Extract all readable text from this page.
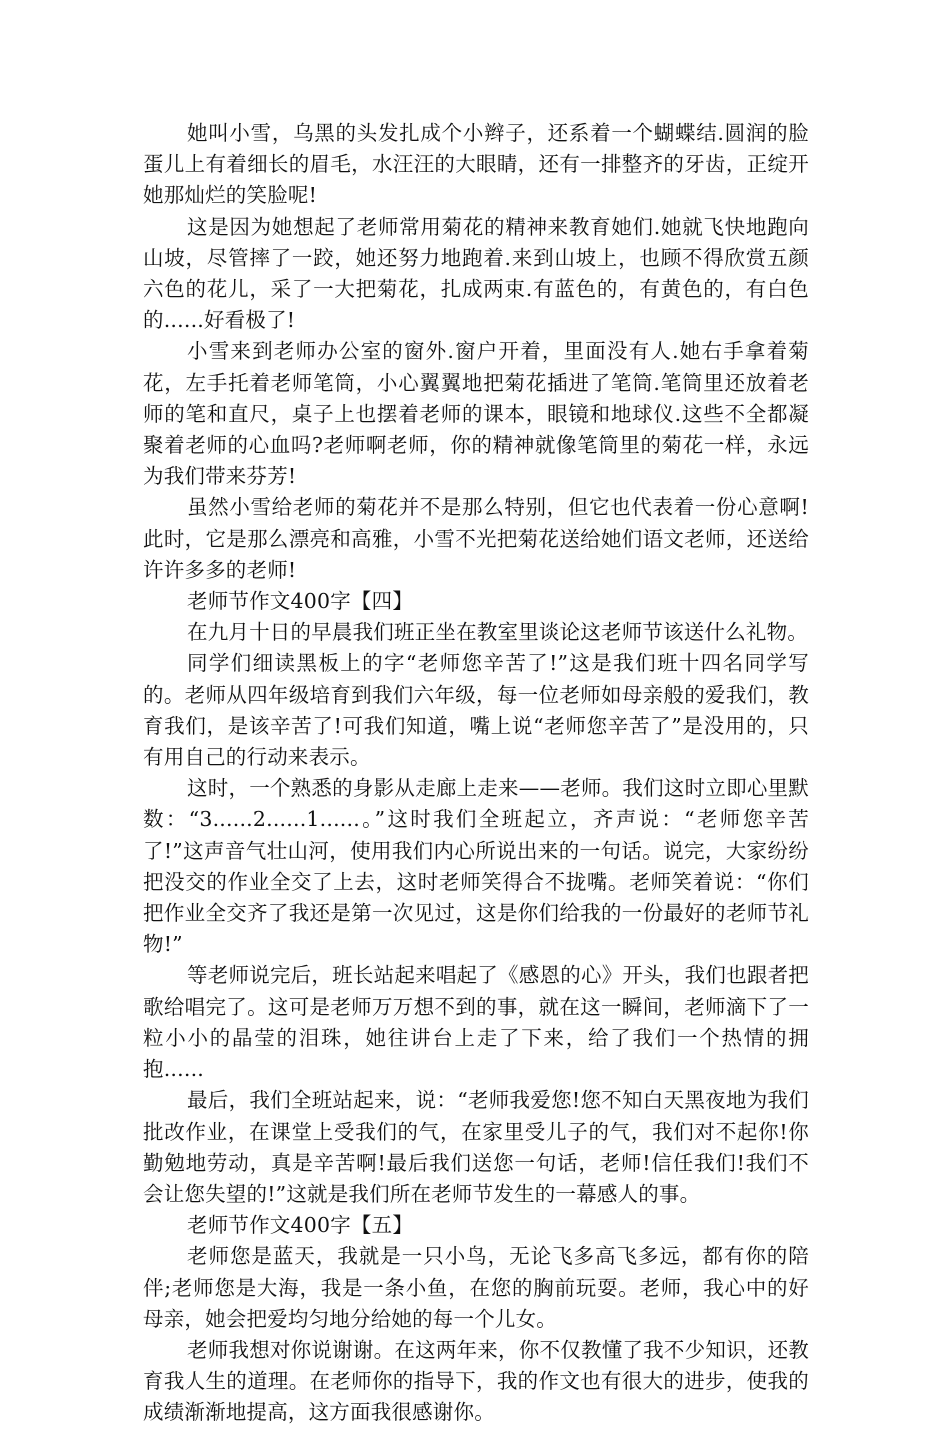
她叫小雪，乌黑的头发扎成个小辫子，还系着一个蝴蝶结.圆润的脸蛋儿上有着细长的眉毛，水汪汪的大眼睛，还有一排整齐的牙齿，正绽开她那灿烂的笑脸呢!

这是因为她想起了老师常用菊花的精神来教育她们.她就飞快地跑向山坡，尽管摔了一跤，她还努力地跑着.来到山坡上，也顾不得欣赏五颜六色的花儿，采了一大把菊花，扎成两束.有蓝色的，有黄色的，有白色的......好看极了!

小雪来到老师办公室的窗外.窗户开着，里面没有人.她右手拿着菊花，左手托着老师笔筒，小心翼翼地把菊花插进了笔筒.笔筒里还放着老师的笔和直尺，桌子上也摆着老师的课本，眼镜和地球仪.这些不全都凝聚着老师的心血吗?老师啊老师，你的精神就像笔筒里的菊花一样，永远为我们带来芬芳!

虽然小雪给老师的菊花并不是那么特别，但它也代表着一份心意啊!此时，它是那么漂亮和高雅，小雪不光把菊花送给她们语文老师，还送给许许多多的老师!

老师节作文400字【四】

在九月十日的早晨我们班正坐在教室里谈论这老师节该送什么礼物。

同学们细读黑板上的字“老师您辛苦了!”这是我们班十四名同学写的。老师从四年级培育到我们六年级，每一位老师如母亲般的爱我们，教育我们，是该辛苦了!可我们知道，嘴上说“老师您辛苦了”是没用的，只有用自己的行动来表示。

这时，一个熟悉的身影从走廊上走来——老师。我们这时立即心里默数：“3......2......1......。”这时我们全班起立，齐声说：“老师您辛苦了!”这声音气壮山河，使用我们内心所说出来的一句话。说完，大家纷纷把没交的作业全交了上去，这时老师笑得合不拢嘴。老师笑着说：“你们把作业全交齐了我还是第一次见过，这是你们给我的一份最好的老师节礼物!”

等老师说完后，班长站起来唱起了《感恩的心》开头，我们也跟者把歌给唱完了。这可是老师万万想不到的事，就在这一瞬间，老师滴下了一粒小小的晶莹的泪珠，她往讲台上走了下来，给了我们一个热情的拥抱......

最后，我们全班站起来，说：“老师我爱您!您不知白天黑夜地为我们批改作业，在课堂上受我们的气，在家里受儿子的气，我们对不起你!你勤勉地劳动，真是辛苦啊!最后我们送您一句话，老师!信任我们!我们不会让您失望的!”这就是我们所在老师节发生的一幕感人的事。

老师节作文400字【五】

老师您是蓝天，我就是一只小鸟，无论飞多高飞多远，都有你的陪伴;老师您是大海，我是一条小鱼，在您的胸前玩耍。老师，我心中的好母亲，她会把爱均匀地分给她的每一个儿女。

老师我想对你说谢谢。在这两年来，你不仅教懂了我不少知识，还教育我人生的道理。在老师你的指导下，我的作文也有很大的进步，使我的成绩渐渐地提高，这方面我很感谢你。
